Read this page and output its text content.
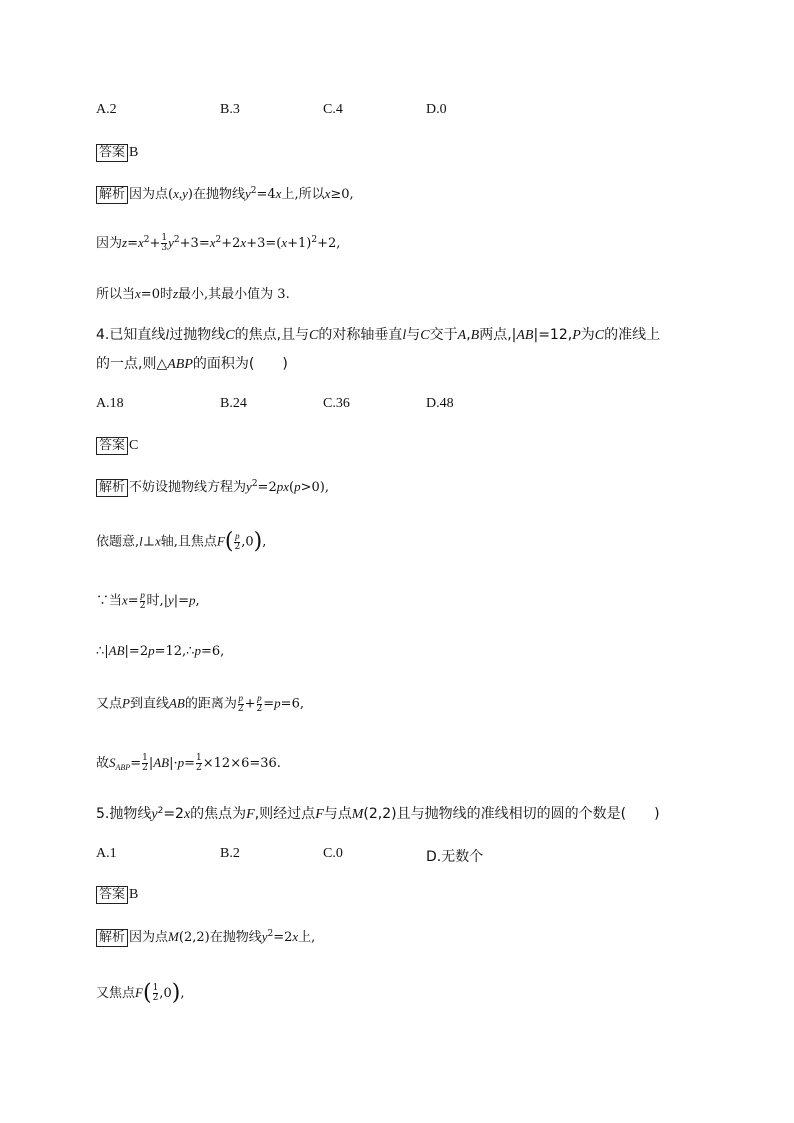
A.2	B.3	C.4	D.0
答案 B
解析 因为点(x,y)在抛物线$y^2=4x$上,所以x≥0,
因为$z=x^2+ \frac{1}{3} y^2+3=x^2+2x+3=(x+1)^2+2$,
所以当x=0时z最小,其最小值为 3.
4.已知直线l过抛物线C的焦点,且与C的对称轴垂直l与C交于A,B两点,|AB|=12,P为C的准线上
的一点,则△ABP的面积为(　　)
A.18	B.24	C.36	D.48
答案 C
解析 不妨设抛物线方程为$y^2=2px(p>0)$,
依题意,l⊥x轴,且焦点$F(\frac{p}{2} ,0)$,
∵当$x=\frac{p}{2}$ 时,|y|=p,
∴|AB|=2p=12,∴p=6,
又点P到直线AB的距离为$\frac{p}{2} +\frac{p}{2} =p=6$,
故$S_{ABP}= \frac{1}{2} |AB|\cdot p= \frac{1}{2} \times 12\times 6=36$.
5.抛物线$y^2=2x$的焦点为F,则经过点F与点M(2,2)且与抛物线的准线相切的圆的个数是(　　)
A.1	B.2	C.0	D.无数个
答案 B
解析 因为点M(2,2)在抛物线$y^2=2x$上,
又焦点$F( \frac{1}{2} ,0)$,
